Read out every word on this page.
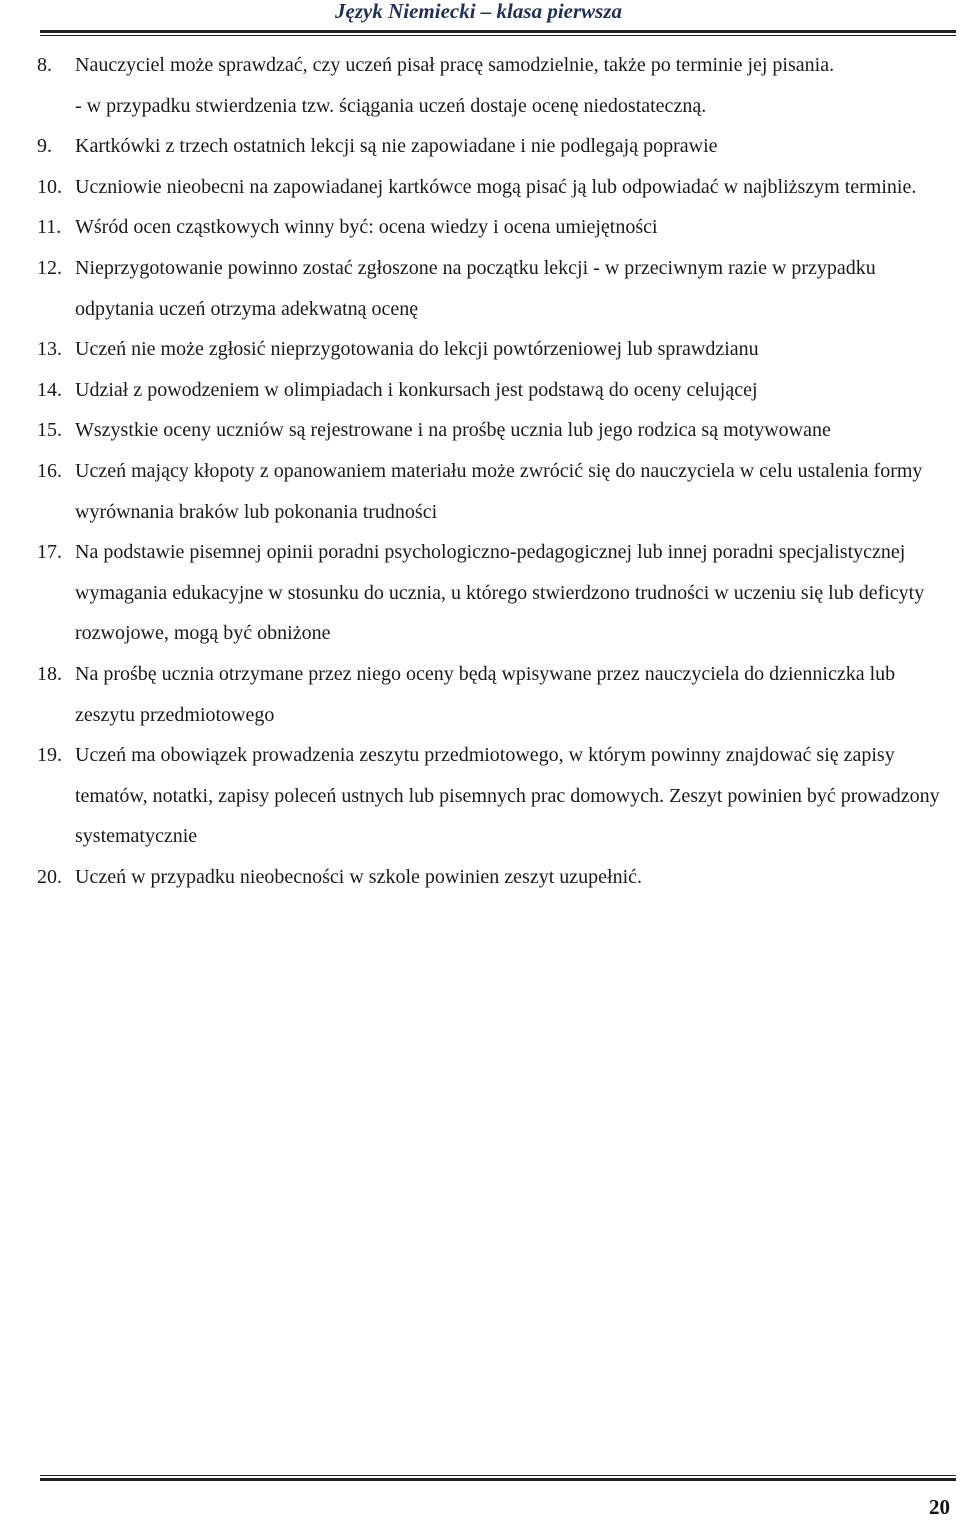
Język Niemiecki – klasa pierwsza
8. Nauczyciel może sprawdzać, czy uczeń pisał pracę samodzielnie, także po terminie jej pisania.
- w przypadku stwierdzenia tzw. ściągania uczeń dostaje ocenę niedostateczną.
9. Kartkówki z trzech ostatnich lekcji są nie zapowiadane i nie podlegają poprawie
10. Uczniowie nieobecni na zapowiadanej kartkówce mogą pisać ją lub odpowiadać w najbliższym terminie.
11. Wśród ocen cząstkowych winny być: ocena wiedzy i ocena umiejętności
12. Nieprzygotowanie powinno zostać zgłoszone na początku lekcji - w przeciwnym razie w przypadku odpytania uczeń otrzyma adekwatną ocenę
13. Uczeń nie może zgłosić nieprzygotowania do lekcji powtórzeniowej lub sprawdzianu
14. Udział z powodzeniem w olimpiadach i konkursach jest podstawą do oceny celującej
15. Wszystkie oceny uczniów są rejestrowane i na prośbę ucznia lub jego rodzica są motywowane
16. Uczeń mający kłopoty z opanowaniem materiału może zwrócić się do nauczyciela w celu ustalenia formy wyrównania braków lub pokonania trudności
17. Na podstawie pisemnej opinii poradni psychologiczno-pedagogicznej lub innej poradni specjalistycznej wymagania edukacyjne w stosunku do ucznia, u którego stwierdzono trudności w uczeniu się lub deficyty rozwojowe, mogą być obniżone
18. Na prośbę ucznia otrzymane przez niego oceny będą wpisywane przez nauczyciela do dzienniczka lub zeszytu przedmiotowego
19. Uczeń ma obowiązek prowadzenia zeszytu przedmiotowego, w którym powinny znajdować się zapisy tematów, notatki, zapisy poleceń ustnych lub pisemnych prac domowych. Zeszyt powinien być prowadzony systematycznie
20. Uczeń w przypadku nieobecności w szkole powinien zeszyt uzupełnić.
20
